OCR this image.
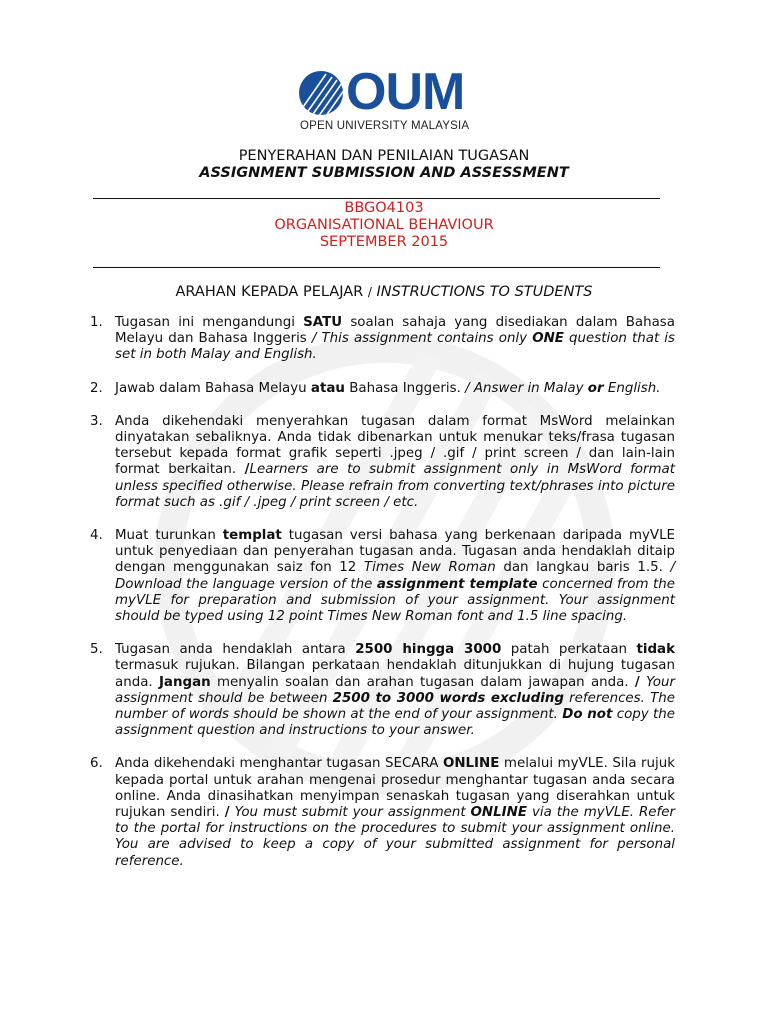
OUM
OPEN UNIVERSITY MALAYSIA
PENYERAHAN DAN PENILAIAN TUGASAN
ASSIGNMENT SUBMISSION AND ASSESSMENT
BBGO4103
ORGANISATIONAL BEHAVIOUR
SEPTEMBER 2015
ARAHAN KEPADA PELAJAR / INSTRUCTIONS TO STUDENTS
1. Tugasan ini mengandungi SATU soalan sahaja yang disediakan dalam Bahasa Melayu dan Bahasa Inggeris / This assignment contains only ONE question that is set in both Malay and English.
2. Jawab dalam Bahasa Melayu atau Bahasa Inggeris. / Answer in Malay or English.
3. Anda dikehendaki menyerahkan tugasan dalam format MsWord melainkan dinyatakan sebaliknya. Anda tidak dibenarkan untuk menukar teks/frasa tugasan tersebut kepada format grafik seperti .jpeg / .gif / print screen / dan lain-lain format berkaitan. /Learners are to submit assignment only in MsWord format unless specified otherwise. Please refrain from converting text/phrases into picture format such as .gif / .jpeg / print screen / etc.
4. Muat turunkan templat tugasan versi bahasa yang berkenaan daripada myVLE untuk penyediaan dan penyerahan tugasan anda. Tugasan anda hendaklah ditaip dengan menggunakan saiz fon 12 Times New Roman dan langkau baris 1.5. / Download the language version of the assignment template concerned from the myVLE for preparation and submission of your assignment. Your assignment should be typed using 12 point Times New Roman font and 1.5 line spacing.
5. Tugasan anda hendaklah antara 2500 hingga 3000 patah perkataan tidak termasuk rujukan. Bilangan perkataan hendaklah ditunjukkan di hujung tugasan anda. Jangan menyalin soalan dan arahan tugasan dalam jawapan anda. / Your assignment should be between 2500 to 3000 words excluding references. The number of words should be shown at the end of your assignment. Do not copy the assignment question and instructions to your answer.
6. Anda dikehendaki menghantar tugasan SECARA ONLINE melalui myVLE. Sila rujuk kepada portal untuk arahan mengenai prosedur menghantar tugasan anda secara online. Anda dinasihatkan menyimpan senaskah tugasan yang diserahkan untuk rujukan sendiri. / You must submit your assignment ONLINE via the myVLE. Refer to the portal for instructions on the procedures to submit your assignment online. You are advised to keep a copy of your submitted assignment for personal reference.
